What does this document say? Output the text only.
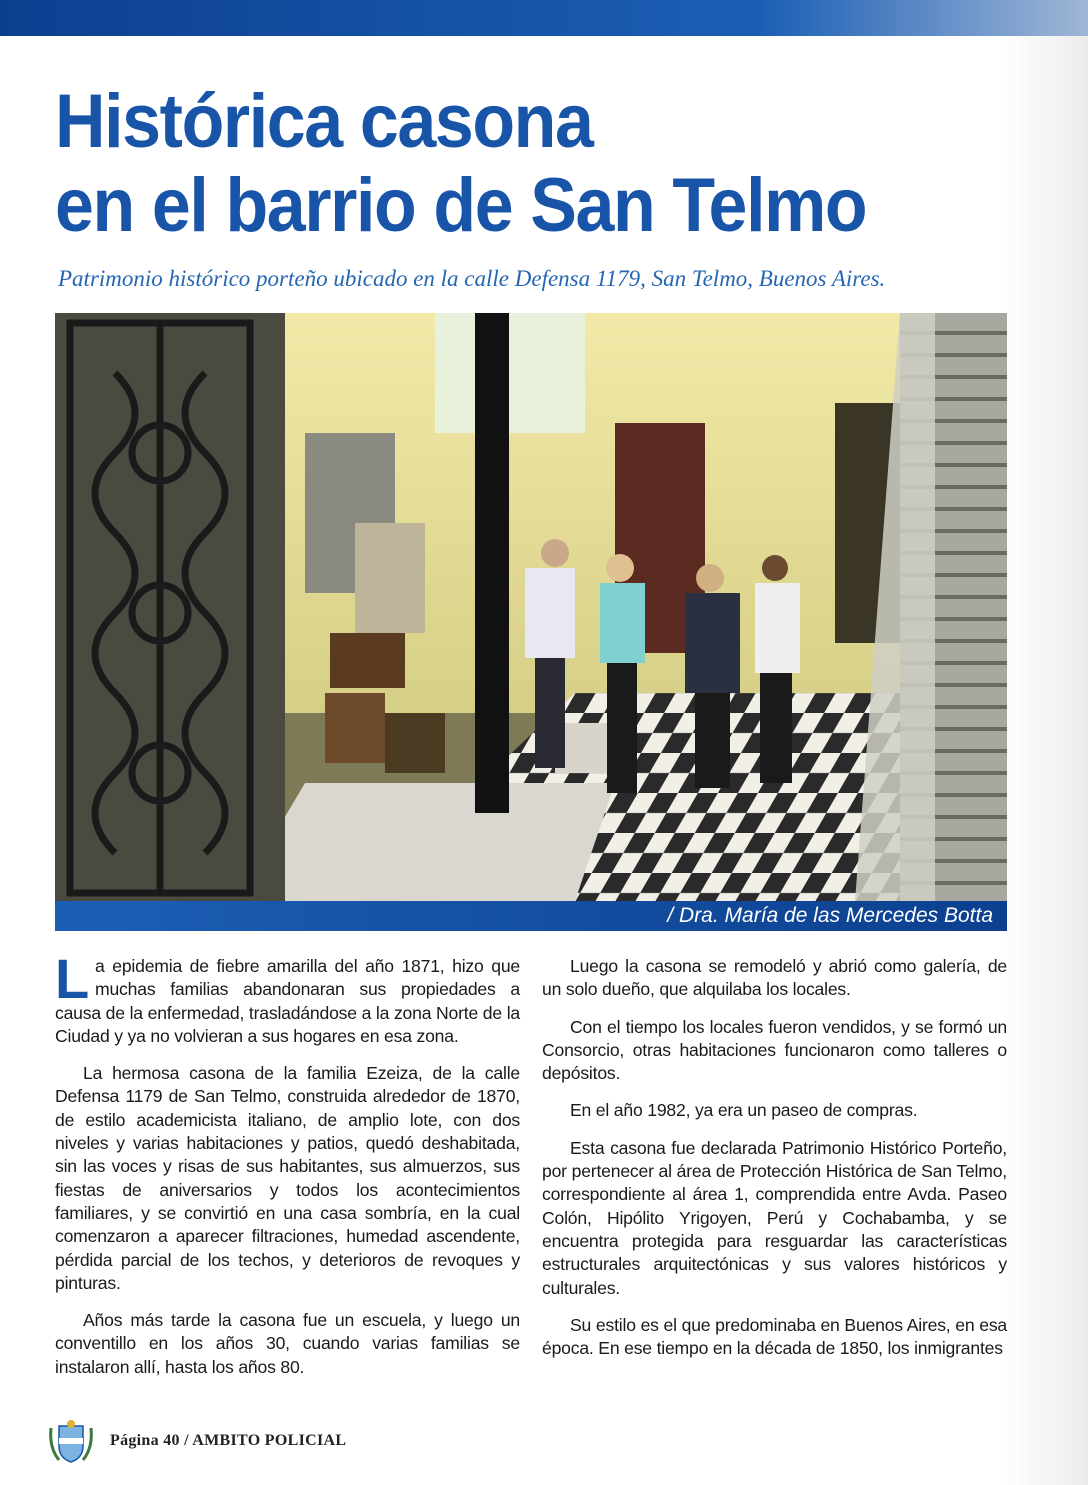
Histórica casona
en el barrio de San Telmo
Patrimonio histórico porteño ubicado en la calle Defensa 1179, San Telmo, Buenos Aires.
/ Dra. María de las Mercedes Botta

La epidemia de fiebre amarilla del año 1871, hizo que muchas familias abandonaran sus propiedades a causa de la enfermedad, trasladándose a la zona Norte de la Ciudad y ya no volvieran a sus hogares en esa zona.

La hermosa casona de la familia Ezeiza, de la calle Defensa 1179 de San Telmo, construida alrededor de 1870, de estilo academicista italiano, de amplio lote, con dos niveles y varias habitaciones y patios, quedó deshabitada, sin las voces y risas de sus habitantes, sus almuerzos, sus fiestas de aniversarios y todos los acontecimientos familiares, y se convirtió en una casa sombría, en la cual comenzaron a aparecer filtraciones, humedad ascendente, pérdida parcial de los techos, y deterioros de revoques y pinturas.

Años más tarde la casona fue un escuela, y luego un conventillo en los años 30, cuando varias familias se instalaron allí, hasta los años 80.

Luego la casona se remodeló y abrió como galería, de un solo dueño, que alquilaba los locales.

Con el tiempo los locales fueron vendidos, y se formó un Consorcio, otras habitaciones funcionaron como talleres o depósitos.

En el año 1982, ya era un paseo de compras.

Esta casona fue declarada Patrimonio Histórico Porteño, por pertenecer al área de Protección Histórica de San Telmo, correspondiente al área 1, comprendida entre Avda. Paseo Colón, Hipólito Yrigoyen, Perú y Cochabamba, y se encuentra protegida para resguardar las características estructurales arquitectónicas y sus valores históricos y culturales.

Su estilo es el que predominaba en Buenos Aires, en esa época. En ese tiempo en la década de 1850, los inmigrantes

Página 40 / AMBITO POLICIAL
